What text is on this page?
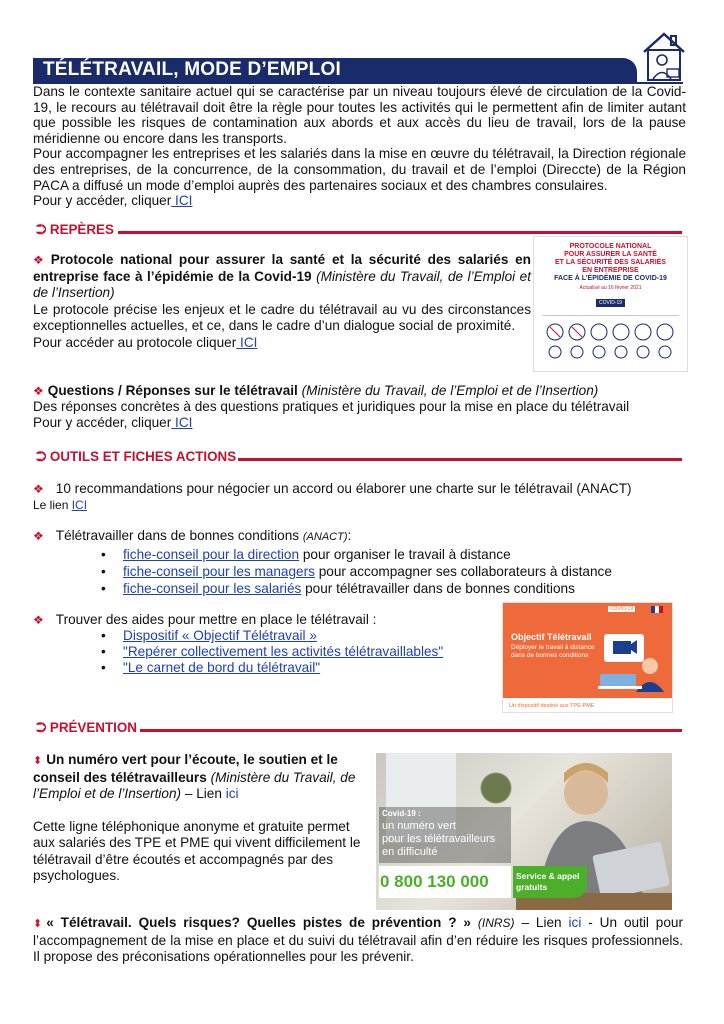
TÉLÉTRAVAIL, MODE D’EMPLOI
Dans le contexte sanitaire actuel qui se caractérise par un niveau toujours élevé de circulation de la Covid-19, le recours au télétravail doit être la règle pour toutes les activités qui le permettent afin de limiter autant que possible les risques de contamination aux abords et aux accès du lieu de travail, lors de la pause méridienne ou encore dans les transports.
Pour accompagner les entreprises et les salariés dans la mise en œuvre du télétravail, la Direction régionale des entreprises, de la concurrence, de la consommation, du travail et de l’emploi (Direccte) de la Région PACA a diffusé un mode d’emploi auprès des partenaires sociaux et des chambres consulaires.
Pour y accéder, cliquer ICI
⮊ REPÈRES
❖ Protocole national pour assurer la santé et la sécurité des salariés en entreprise face à l’épidémie de la Covid-19 (Ministère du Travail, de l’Emploi et de l’Insertion)
Le protocole précise les enjeux et le cadre du télétravail au vu des circonstances exceptionnelles actuelles, et ce, dans le cadre d’un dialogue social de proximité.
Pour accéder au protocole cliquer ICI
PROTOCOLE NATIONAL
POUR ASSURER LA SANTÉ
ET LA SÉCURITÉ DES SALARIÉS
EN ENTREPRISE
FACE À L’ÉPIDÉMIE DE COVID-19
Actualisé au 16 février 2021
COVID-19
❖ Questions / Réponses sur le télétravail (Ministère du Travail, de l’Emploi et de l’Insertion)
Des réponses concrètes à des questions pratiques et juridiques pour la mise en place du télétravail
Pour y accéder, cliquer ICI
⮊ OUTILS ET FICHES ACTIONS
❖ 10 recommandations pour négocier un accord ou élaborer une charte sur le télétravail (ANACT)
Le lien ICI
❖ Télétravailler dans de bonnes conditions (ANACT):
• fiche-conseil pour la direction pour organiser le travail à distance
• fiche-conseil pour les managers pour accompagner ses collaborateurs à distance
• fiche-conseil pour les salariés pour télétravailler dans de bonnes conditions
❖ Trouver des aides pour mettre en place le télétravail :
• Dispositif « Objectif Télétravail »
• "Repérer collectivement les activités télétravaillables"
• "Le carnet de bord du télétravail"
COVID-19
Objectif Télétravail
Déployer le travail à distance dans de bonnes conditions
Un dispositif destiné aux TPE-PME
⮊ PRÉVENTION
⬍ Un numéro vert pour l’écoute, le soutien et le conseil des télétravailleurs (Ministère du Travail, de l’Emploi et de l’Insertion) – Lien ici
Cette ligne téléphonique anonyme et gratuite permet aux salariés des TPE et PME qui vivent difficilement le télétravail d’être écoutés et accompagnés par des psychologues.
Covid-19 :
un numéro vert
pour les télétravailleurs
en difficulté
0 800 130 000	Service & appel
gratuits
⬍ « Télétravail. Quels risques? Quelles pistes de prévention ? » (INRS) – Lien ici - Un outil pour l’accompagnement de la mise en place et du suivi du télétravail afin d’en réduire les risques professionnels. Il propose des préconisations opérationnelles pour les prévenir.
